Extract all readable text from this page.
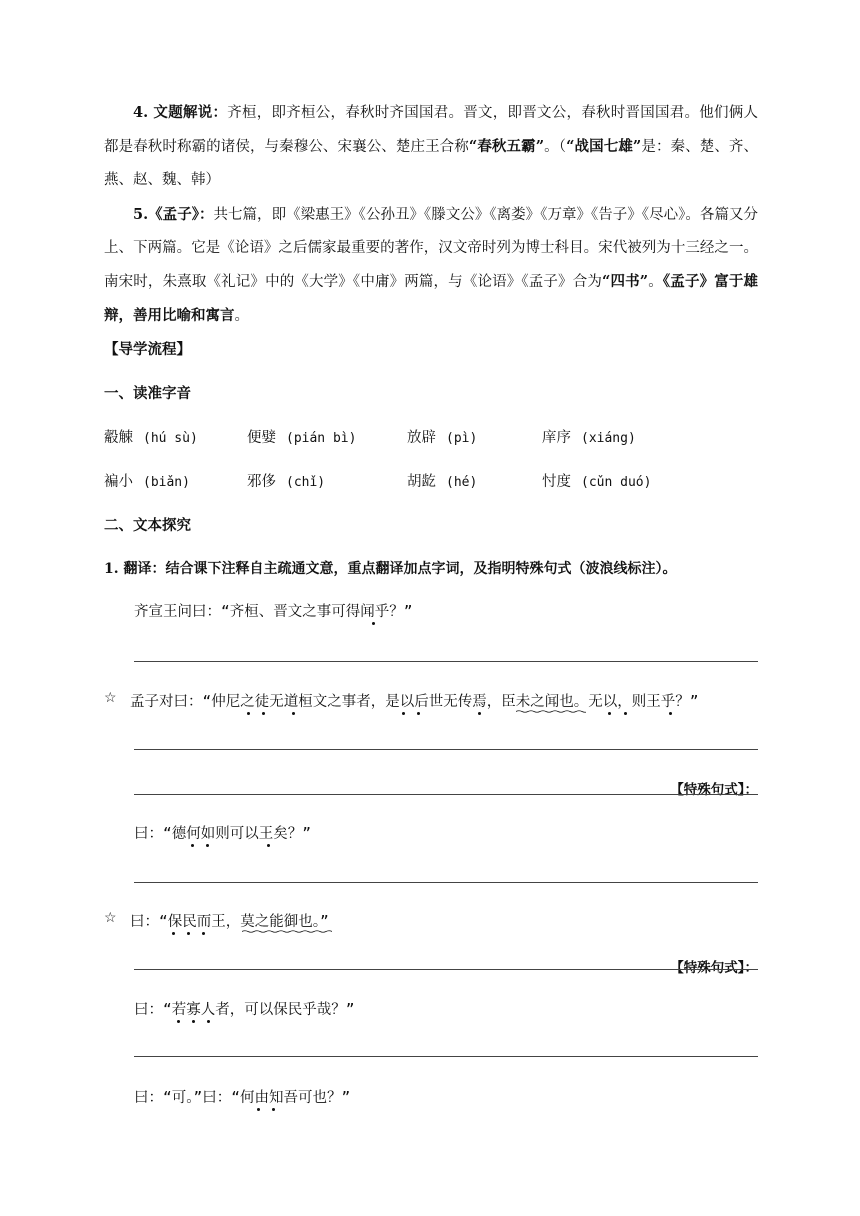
4. 文题解说：齐桓，即齐桓公，春秋时齐国国君。晋文，即晋文公，春秋时晋国国君。他们俩人都是春秋时称霸的诸侯，与秦穆公、宋襄公、楚庄王合称“春秋五霸”。（“战国七雄”是：秦、楚、齐、燕、赵、魏、韩）
5.《孟子》：共七篇，即《梁惠王》《公孙丑》《滕文公》《离娄》《万章》《告子》《尽心》。各篇又分上、下两篇。它是《论语》之后儒家最重要的著作，汉文帝时列为博士科目。宋代被列为十三经之一。南宋时，朱熹取《礼记》中的《大学》《中庸》两篇，与《论语》《孟子》合为“四书”。《孟子》富于雄辩，善用比喻和寓言。
【导学流程】
一、读准字音
觳觫 (hú sù)	便嬖 (pián bì)	放辟 (pì)	庠序 (xiáng)
褊小 (biǎn)	邪侈 (chǐ)	胡龁 (hé)	忖度 (cǔn duó)
二、文本探究
1. 翻译：结合课下注释自主疏通文意，重点翻译加点字词，及指明特殊句式（波浪线标注）。
齐宣王问曰：“齐桓、晋文之事可得闻乎？”
☆ 孟子对曰：“仲尼之徒无道桓文之事者，是以后世无传焉，臣未之闻也。无以，则王乎？”
【特殊句式】：
曰：“德何如则可以王矣？”
☆ 曰：“保民而王，莫之能御也。”
【特殊句式】：
曰：“若寡人者，可以保民乎哉？”
曰：“可。”曰：“何由知吾可也？”
